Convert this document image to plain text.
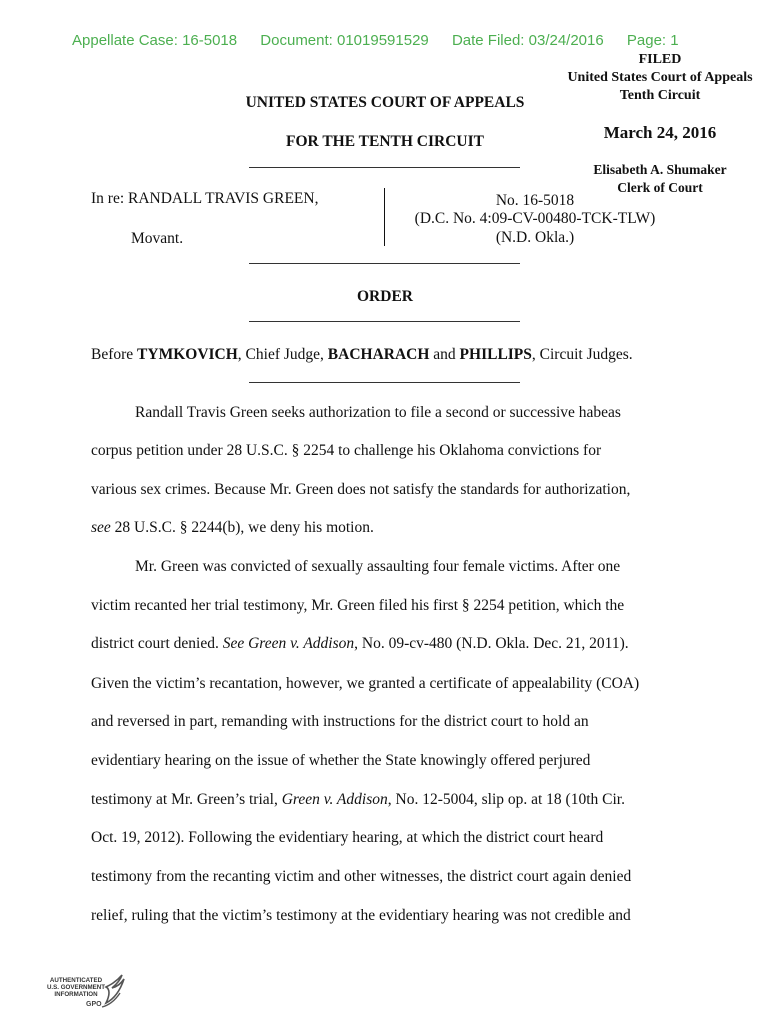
Appellate Case: 16-5018 Document: 01019591529 Date Filed: 03/24/2016 Page: 1
FILED
United States Court of Appeals
Tenth Circuit
March 24, 2016
Elisabeth A. Shumaker
Clerk of Court
UNITED STATES COURT OF APPEALS
FOR THE TENTH CIRCUIT
In re: RANDALL TRAVIS GREEN,
Movant.
No. 16-5018
(D.C. No. 4:09-CV-00480-TCK-TLW)
(N.D. Okla.)
ORDER
Before TYMKOVICH, Chief Judge, BACHARACH and PHILLIPS, Circuit Judges.
Randall Travis Green seeks authorization to file a second or successive habeas
corpus petition under 28 U.S.C. § 2254 to challenge his Oklahoma convictions for
various sex crimes. Because Mr. Green does not satisfy the standards for authorization,
see 28 U.S.C. § 2244(b), we deny his motion.
Mr. Green was convicted of sexually assaulting four female victims. After one
victim recanted her trial testimony, Mr. Green filed his first § 2254 petition, which the
district court denied. See Green v. Addison, No. 09-cv-480 (N.D. Okla. Dec. 21, 2011).
Given the victim’s recantation, however, we granted a certificate of appealability (COA)
and reversed in part, remanding with instructions for the district court to hold an
evidentiary hearing on the issue of whether the State knowingly offered perjured
testimony at Mr. Green’s trial, Green v. Addison, No. 12-5004, slip op. at 18 (10th Cir.
Oct. 19, 2012). Following the evidentiary hearing, at which the district court heard
testimony from the recanting victim and other witnesses, the district court again denied
relief, ruling that the victim’s testimony at the evidentiary hearing was not credible and
AUTHENTICATED
U.S. GOVERNMENT
INFORMATION
GPO
